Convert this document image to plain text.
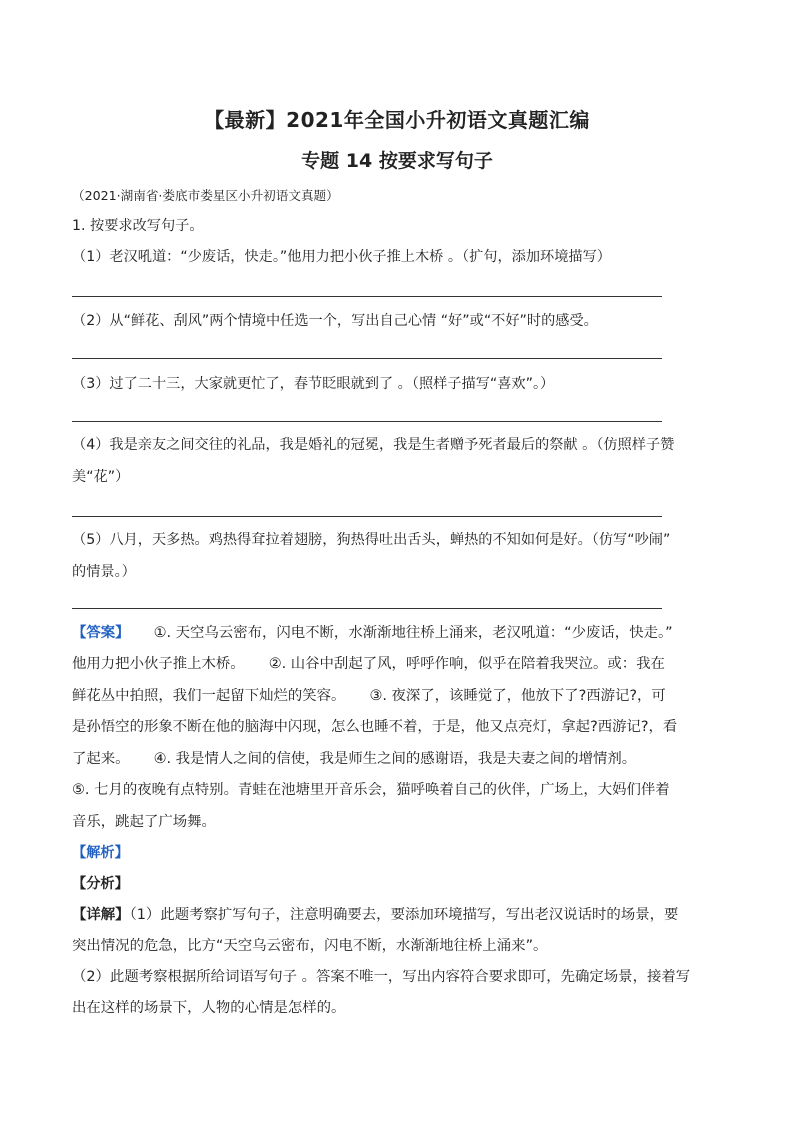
【最新】2021年全国小升初语文真题汇编
专题 14 按要求写句子
（2021·湖南省·娄底市娄星区小升初语文真题）
1. 按要求改写句子。
（1）老汉吼道：“少废话，快走。”他用力把小伙子推上木桥 。（扩句，添加环境描写）
（2）从“鲜花、刮风”两个情境中任选一个，写出自己心情 “好”或“不好”时的感受。
（3）过了二十三，大家就更忙了，春节眨眼就到了 。（照样子描写“喜欢”。）
（4）我是亲友之间交往的礼品，我是婚礼的冠冕，我是生者赠予死者最后的祭献 。（仿照样子赞
美“花”）
（5）八月，天多热。鸡热得耷拉着翅膀，狗热得吐出舌头，蝉热的不知如何是好。（仿写“吵闹”
的情景。）
【答案】 ①. 天空乌云密布，闪电不断，水渐渐地往桥上涌来，老汉吼道：“少废话，快走。”
他用力把小伙子推上木桥。 ②. 山谷中刮起了风，呼呼作响，似乎在陪着我哭泣。或：我在
鲜花丛中拍照，我们一起留下灿烂的笑容。 ③. 夜深了，该睡觉了，他放下了?西游记?，可
是孙悟空的形象不断在他的脑海中闪现，怎么也睡不着，于是，他又点亮灯，拿起?西游记?，看
了起来。 ④. 我是情人之间的信使，我是师生之间的感谢语，我是夫妻之间的增情剂。
⑤. 七月的夜晚有点特别。青蛙在池塘里开音乐会，猫呼唤着自己的伙伴，广场上，大妈们伴着
音乐，跳起了广场舞。
【解析】
【分析】
【详解】（1）此题考察扩写句子，注意明确要去，要添加环境描写，写出老汉说话时的场景，要
突出情况的危急，比方“天空乌云密布，闪电不断，水渐渐地往桥上涌来”。
（2）此题考察根据所给词语写句子 。答案不唯一，写出内容符合要求即可，先确定场景，接着写
出在这样的场景下，人物的心情是怎样的。
